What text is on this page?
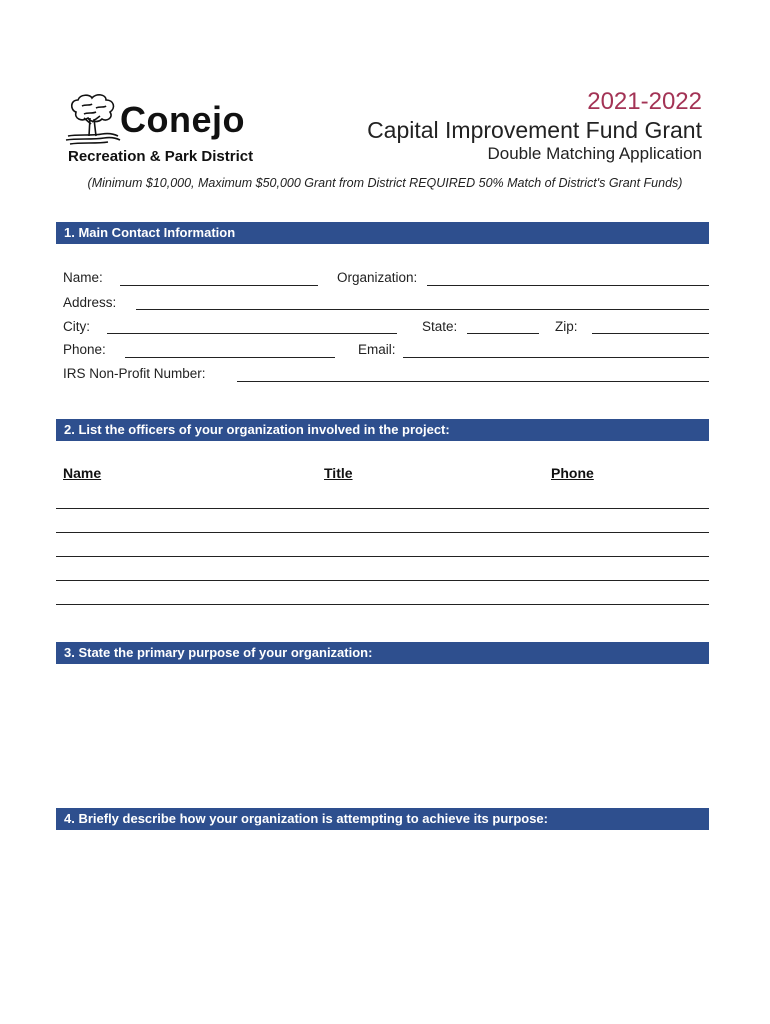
Conejo
Recreation & Park District
2021-2022
Capital Improvement Fund Grant
Double Matching Application
(Minimum $10,000, Maximum $50,000 Grant from District REQUIRED 50% Match of District's Grant Funds)
1. Main Contact Information
Name:	Organization:
Address:
City:	State:	Zip:
Phone:	Email:
IRS Non-Profit Number:
2. List the officers of your organization involved in the project:
Name	Title	Phone
3. State the primary purpose of your organization:
4. Briefly describe how your organization is attempting to achieve its purpose:
